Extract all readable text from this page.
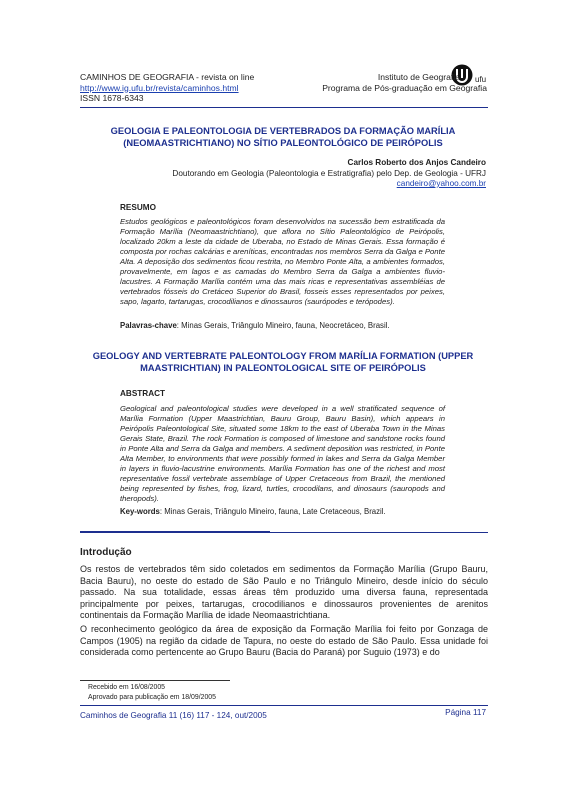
CAMINHOS DE GEOGRAFIA - revista on line
http://www.ig.ufu.br/revista/caminhos.html
ISSN 1678-6343
ufu
Instituto de Geografia
Programa de Pós-graduação em Geografia
GEOLOGIA E PALEONTOLOGIA DE VERTEBRADOS DA FORMAÇÃO MARÍLIA (NEOMAASTRICHTIANO) NO SÍTIO PALEONTOLÓGICO DE PEIRÓPOLIS
Carlos Roberto dos Anjos Candeiro
Doutorando em Geologia (Paleontologia e Estratigrafia) pelo Dep. de Geologia - UFRJ
candeiro@yahoo.com.br
RESUMO
Estudos geológicos e paleontológicos foram desenvolvidos na sucessão bem estratificada da Formação Marília (Neomaastrichtiano), que aflora no Sítio Paleontológico de Peirópolis, localizado 20km a leste da cidade de Uberaba, no Estado de Minas Gerais. Essa formação é composta por rochas calcárias e areníticas, encontradas nos membros Serra da Galga e Ponte Alta. A deposição dos sedimentos ficou restrita, no Membro Ponte Alta, a ambientes formados, provavelmente, em lagos e as camadas do Membro Serra da Galga a ambientes fluvio-lacustres. A Formação Marília contém uma das mais ricas e representativas assembléias de vertebrados fósseis do Cretáceo Superior do Brasil, fosseis esses representados por peixes, sapo, lagarto, tartarugas, crocodilianos e dinossauros (saurópodes e terópodes).
Palavras-chave: Minas Gerais, Triângulo Mineiro, fauna, Neocretáceo, Brasil.
GEOLOGY AND VERTEBRATE PALEONTOLOGY FROM MARÍLIA FORMATION (UPPER MAASTRICHTIAN) IN PALEONTOLOGICAL SITE OF PEIRÓPOLIS
ABSTRACT
Geological and paleontological studies were developed in a well stratificated sequence of Marília Formation (Upper Maastrichtian, Bauru Group, Bauru Basin), which appears in Peirópolis Paleontological Site, situated some 18km to the east of Uberaba Town in the Minas Gerais State, Brazil. The rock Formation is composed of limestone and sandstone rocks found in Ponte Alta and Serra da Galga and members. A sediment deposition was restricted, in Ponte Alta Member, to environments that were possibly formed in lakes and Serra da Galga Member in layers in fluvio-lacustrine environments. Marília Formation has one of the richest and most representative fossil vertebrate assemblage of Upper Cretaceous from Brazil, the mentioned being represented by fishes, frog, lizard, turtles, crocodilans, and dinosaurs (sauropods and theropods).
Key-words: Minas Gerais, Triângulo Mineiro, fauna, Late Cretaceous, Brazil.
Introdução

Os restos de vertebrados têm sido coletados em sedimentos da Formação Marília (Grupo Bauru, Bacia Bauru), no oeste do estado de São Paulo e no Triângulo Mineiro, desde início do século passado. Na sua totalidade, essas áreas têm produzido uma diversa fauna, representada principalmente por peixes, tartarugas, crocodilianos e dinossauros provenientes de arenitos continentais da Formação Marília de idade Neomaastrichtiana.

O reconhecimento geológico da área de exposição da Formação Marília foi feito por Gonzaga de Campos (1905) na região da cidade de Tapura, no oeste do estado de São Paulo. Essa unidade foi considerada como pertencente ao Grupo Bauru (Bacia do Paraná) por Suguio (1973) e do

Recebido em 16/08/2005
Aprovado para publicação em 18/09/2005
Caminhos de Geografia 11 (16) 117 - 124, out/2005	Página 117
